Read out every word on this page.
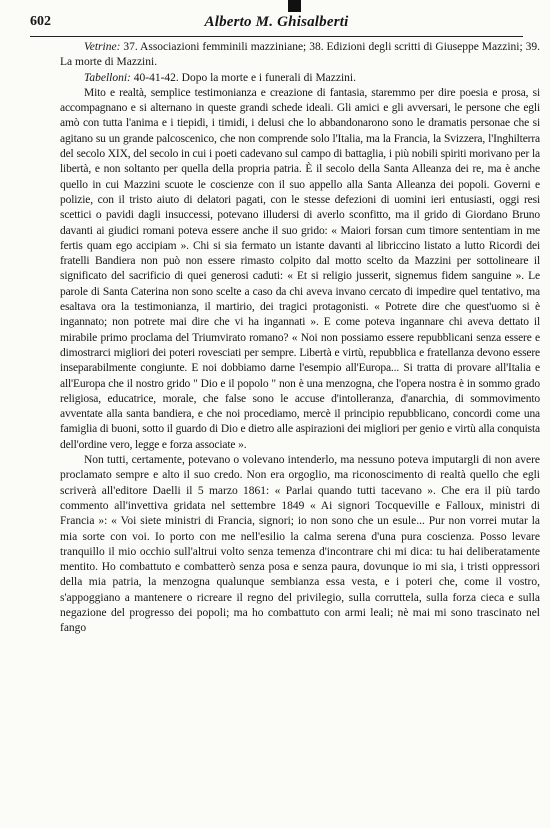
602	Alberto M. Ghisalberti

Vetrine: 37. Associazioni femminili mazziniane; 38. Edizioni degli scritti di Giuseppe Mazzini; 39. La morte di Mazzini.

Tabelloni: 40-41-42. Dopo la morte e i funerali di Mazzini.

Mito e realtà, semplice testimonianza e creazione di fantasia, staremmo per dire poesia e prosa, si accompagnano e si alternano in queste grandi schede ideali. Gli amici e gli avversari, le persone che egli amò con tutta l'anima e i tiepidi, i timidi, i delusi che lo abbandonarono sono le dramatis personae che si agitano su un grande palcoscenico, che non comprende solo l'Italia, ma la Francia, la Svizzera, l'Inghilterra del secolo XIX, del secolo in cui i poeti cadevano sul campo di battaglia, i più nobili spiriti morivano per la libertà, e non soltanto per quella della propria patria. È il secolo della Santa Alleanza dei re, ma è anche quello in cui Mazzini scuote le coscienze con il suo appello alla Santa Alleanza dei popoli. Governi e polizie, con il tristo aiuto di delatori pagati, con le stesse defezioni di uomini ieri entusiasti, oggi resi scettici o pavidi dagli insuccessi, potevano illudersi di averlo sconfitto, ma il grido di Giordano Bruno davanti ai giudici romani poteva essere anche il suo grido: « Maiori forsan cum timore sententiam in me fertis quam ego accipiam ». Chi si sia fermato un istante davanti al libriccino listato a lutto Ricordi dei fratelli Bandiera non può non essere rimasto colpito dal motto scelto da Mazzini per sottolineare il significato del sacrificio di quei generosi caduti: « Et si religio jusserit, signemus fidem sanguine ». Le parole di Santa Caterina non sono scelte a caso da chi aveva invano cercato di impedire quel tentativo, ma esaltava ora la testimonianza, il martirio, dei tragici protagonisti. « Potrete dire che quest'uomo si è ingannato; non potrete mai dire che vi ha ingannati ». E come poteva ingannare chi aveva dettato il mirabile primo proclama del Triumvirato romano? « Noi non possiamo essere repubblicani senza essere e dimostrarci migliori dei poteri rovesciati per sempre. Libertà e virtù, repubblica e fratellanza devono essere inseparabilmente congiunte. E noi dobbiamo darne l'esempio all'Europa... Si tratta di provare all'Italia e all'Europa che il nostro grido " Dio e il popolo " non è una menzogna, che l'opera nostra è in sommo grado religiosa, educatrice, morale, che false sono le accuse d'intolleranza, d'anarchia, di sommovimento avventate alla santa bandiera, e che noi procediamo, mercè il principio repubblicano, concordi come una famiglia di buoni, sotto il guardo di Dio e dietro alle aspirazioni dei migliori per genio e virtù alla conquista dell'ordine vero, legge e forza associate ».

Non tutti, certamente, potevano o volevano intenderlo, ma nessuno poteva imputargli di non avere proclamato sempre e alto il suo credo. Non era orgoglio, ma riconoscimento di realtà quello che egli scriverà all'editore Daelli il 5 marzo 1861: « Parlai quando tutti tacevano ». Che era il più tardo commento all'invettiva gridata nel settembre 1849 « Ai signori Tocqueville e Falloux, ministri di Francia »: « Voi siete ministri di Francia, signori; io non sono che un esule... Pur non vorrei mutar la mia sorte con voi. Io porto con me nell'esilio la calma serena d'una pura coscienza. Posso levare tranquillo il mio occhio sull'altrui volto senza temenza d'incontrare chi mi dica: tu hai deliberatamente mentito. Ho combattuto e combatterò senza posa e senza paura, dovunque io mi sia, i tristi oppressori della mia patria, la menzogna qualunque sembianza essa vesta, e i poteri che, come il vostro, s'appoggiano a mantenere o ricreare il regno del privilegio, sulla corruttela, sulla forza cieca e sulla negazione del progresso dei popoli; ma ho combattuto con armi leali; nè mai mi sono trascinato nel fango
